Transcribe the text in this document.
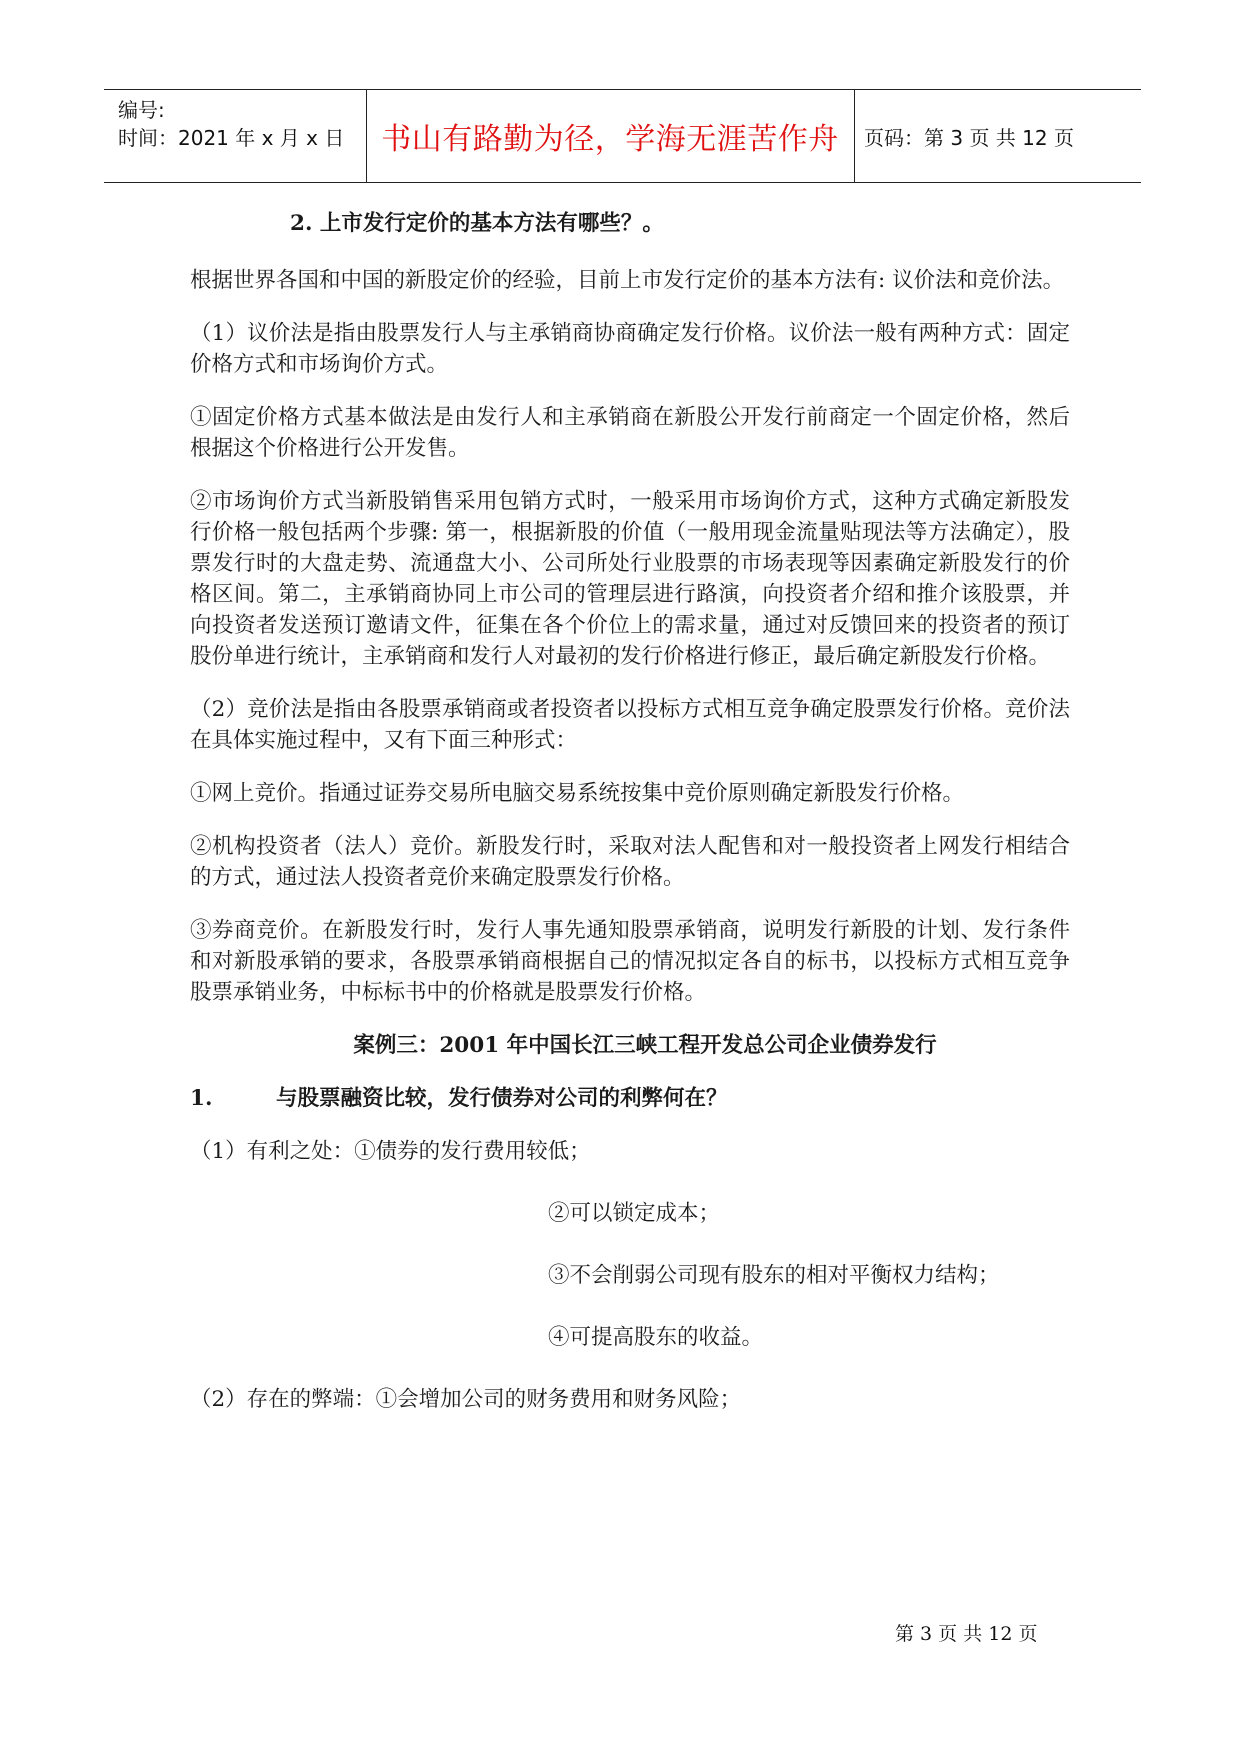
编号:
时间：2021 年 x 月 x 日	书山有路勤为径，学海无涯苦作舟	页码：第 3 页 共 12 页

2. 上市发行定价的基本方法有哪些？。

根据世界各国和中国的新股定价的经验，目前上市发行定价的基本方法有: 议价法和竞价法。

（1）议价法是指由股票发行人与主承销商协商确定发行价格。议价法一般有两种方式：固定价格方式和市场询价方式。

①固定价格方式基本做法是由发行人和主承销商在新股公开发行前商定一个固定价格，然后根据这个价格进行公开发售。

②市场询价方式当新股销售采用包销方式时，一般采用市场询价方式，这种方式确定新股发行价格一般包括两个步骤: 第一，根据新股的价值（一般用现金流量贴现法等方法确定），股票发行时的大盘走势、流通盘大小、公司所处行业股票的市场表现等因素确定新股发行的价格区间。第二，主承销商协同上市公司的管理层进行路演，向投资者介绍和推介该股票，并向投资者发送预订邀请文件，征集在各个价位上的需求量，通过对反馈回来的投资者的预订股份单进行统计，主承销商和发行人对最初的发行价格进行修正，最后确定新股发行价格。

（2）竞价法是指由各股票承销商或者投资者以投标方式相互竞争确定股票发行价格。竞价法在具体实施过程中，又有下面三种形式：

①网上竞价。指通过证券交易所电脑交易系统按集中竞价原则确定新股发行价格。

②机构投资者（法人）竞价。新股发行时，采取对法人配售和对一般投资者上网发行相结合的方式，通过法人投资者竞价来确定股票发行价格。

③券商竞价。在新股发行时，发行人事先通知股票承销商，说明发行新股的计划、发行条件和对新股承销的要求，各股票承销商根据自己的情况拟定各自的标书，以投标方式相互竞争股票承销业务，中标标书中的价格就是股票发行价格。

案例三：2001 年中国长江三峡工程开发总公司企业债券发行

1.	与股票融资比较，发行债券对公司的利弊何在？

（1）有利之处：①债券的发行费用较低；

②可以锁定成本；

③不会削弱公司现有股东的相对平衡权力结构；

④可提高股东的收益。

（2）存在的弊端：①会增加公司的财务费用和财务风险；

第 3 页 共 12 页
